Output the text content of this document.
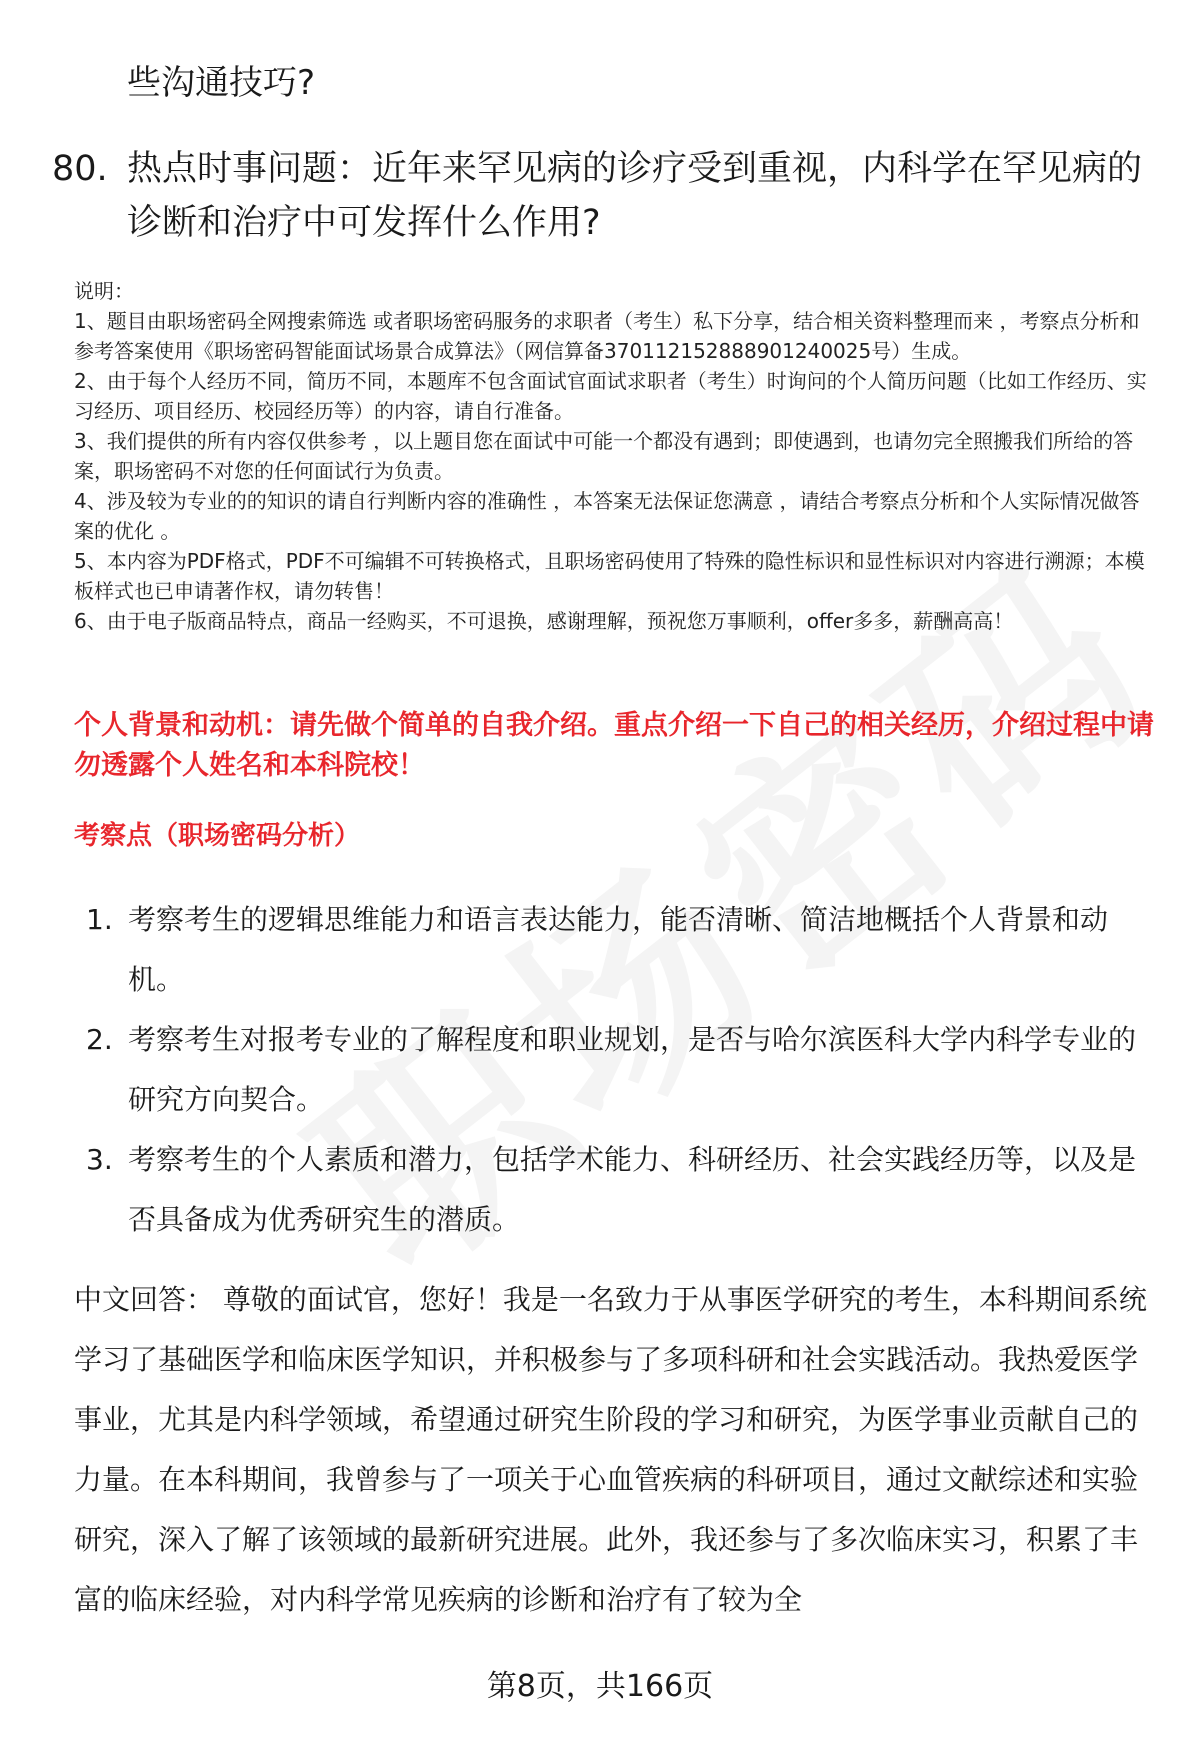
些沟通技巧?
80. 热点时事问题：近年来罕见病的诊疗受到重视，内科学在罕见病的诊断和治疗中可发挥什么作用?

说明：

1、题目由职场密码全网搜索筛选 或者职场密码服务的求职者（考生）私下分享，结合相关资料整理而来 ，考察点分析和参考答案使用《职场密码智能面试场景合成算法》（网信算备370112152888901240025号）生成。

2、由于每个人经历不同，简历不同，本题库不包含面试官面试求职者（考生）时询问的个人简历问题（比如工作经历、实习经历、项目经历、校园经历等）的内容，请自行准备。

3、我们提供的所有内容仅供参考 ，以上题目您在面试中可能一个都没有遇到；即使遇到，也请勿完全照搬我们所给的答案，职场密码不对您的任何面试行为负责。

4、涉及较为专业的的知识的请自行判断内容的准确性 ，本答案无法保证您满意 ，请结合考察点分析和个人实际情况做答案的优化 。

5、本内容为PDF格式，PDF不可编辑不可转换格式，且职场密码使用了特殊的隐性标识和显性标识对内容进行溯源；本模板样式也已申请著作权，请勿转售！

6、由于电子版商品特点，商品一经购买，不可退换，感谢理解，预祝您万事顺利，offer多多，薪酬高高！

个人背景和动机：请先做个简单的自我介绍。重点介绍一下自己的相关经历，介绍过程中请勿透露个人姓名和本科院校！
考察点（职场密码分析）
1. 考察考生的逻辑思维能力和语言表达能力，能否清晰、简洁地概括个人背景和动机。
2. 考察考生对报考专业的了解程度和职业规划，是否与哈尔滨医科大学内科学专业的研究方向契合。
3. 考察考生的个人素质和潜力，包括学术能力、科研经历、社会实践经历等，以及是否具备成为优秀研究生的潜质。
中文回答： 尊敬的面试官，您好！我是一名致力于从事医学研究的考生，本科期间系统学习了基础医学和临床医学知识，并积极参与了多项科研和社会实践活动。我热爱医学事业，尤其是内科学领域，希望通过研究生阶段的学习和研究，为医学事业贡献自己的力量。在本科期间，我曾参与了一项关于心血管疾病的科研项目，通过文献综述和实验研究，深入了解了该领域的最新研究进展。此外，我还参与了多次临床实习，积累了丰富的临床经验，对内科学常见疾病的诊断和治疗有了较为全
第8页，共166页
